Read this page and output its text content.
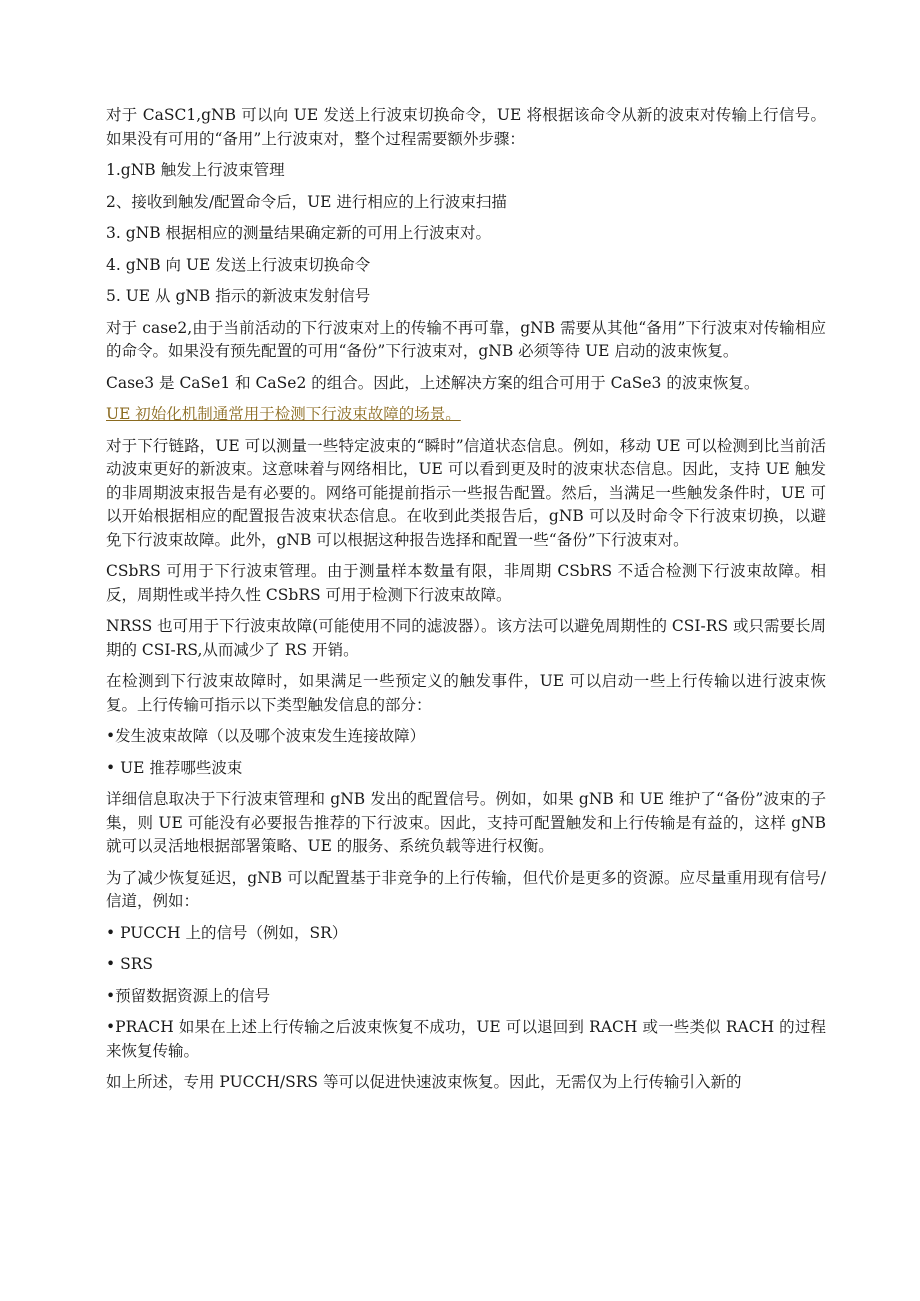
对于 CaSC1,gNB 可以向 UE 发送上行波束切换命令，UE 将根据该命令从新的波束对传输上行信号。如果没有可用的“备用”上行波束对，整个过程需要额外步骤：

1.gNB 触发上行波束管理

2、接收到触发/配置命令后，UE 进行相应的上行波束扫描

3. gNB 根据相应的测量结果确定新的可用上行波束对。

4. gNB 向 UE 发送上行波束切换命令

5. UE 从 gNB 指示的新波束发射信号

对于 case2,由于当前活动的下行波束对上的传输不再可靠，gNB 需要从其他“备用”下行波束对传输相应的命令。如果没有预先配置的可用“备份”下行波束对，gNB 必须等待 UE 启动的波束恢复。

Case3 是 CaSe1 和 CaSe2 的组合。因此，上述解决方案的组合可用于 CaSe3 的波束恢复。

UE 初始化机制通常用于检测下行波束故障的场景。

对于下行链路，UE 可以测量一些特定波束的“瞬时”信道状态信息。例如，移动 UE 可以检测到比当前活动波束更好的新波束。这意味着与网络相比，UE 可以看到更及时的波束状态信息。因此，支持 UE 触发的非周期波束报告是有必要的。网络可能提前指示一些报告配置。然后，当满足一些触发条件时，UE 可以开始根据相应的配置报告波束状态信息。在收到此类报告后，gNB 可以及时命令下行波束切换，以避免下行波束故障。此外，gNB 可以根据这种报告选择和配置一些“备份”下行波束对。

CSbRS 可用于下行波束管理。由于测量样本数量有限，非周期 CSbRS 不适合检测下行波束故障。相反，周期性或半持久性 CSbRS 可用于检测下行波束故障。

NRSS 也可用于下行波束故障(可能使用不同的滤波器）。该方法可以避免周期性的 CSI-RS 或只需要长周期的 CSI-RS,从而减少了 RS 开销。

在检测到下行波束故障时，如果满足一些预定义的触发事件，UE 可以启动一些上行传输以进行波束恢复。上行传输可指示以下类型触发信息的部分：

•发生波束故障（以及哪个波束发生连接故障）

• UE 推荐哪些波束

详细信息取决于下行波束管理和 gNB 发出的配置信号。例如，如果 gNB 和 UE 维护了“备份”波束的子集，则 UE 可能没有必要报告推荐的下行波束。因此，支持可配置触发和上行传输是有益的，这样 gNB 就可以灵活地根据部署策略、UE 的服务、系统负载等进行权衡。

为了减少恢复延迟，gNB 可以配置基于非竞争的上行传输，但代价是更多的资源。应尽量重用现有信号/信道，例如：

• PUCCH 上的信号（例如，SR）

• SRS

•预留数据资源上的信号

•PRACH 如果在上述上行传输之后波束恢复不成功，UE 可以退回到 RACH 或一些类似 RACH 的过程来恢复传输。

如上所述，专用 PUCCH/SRS 等可以促进快速波束恢复。因此，无需仅为上行传输引入新的
